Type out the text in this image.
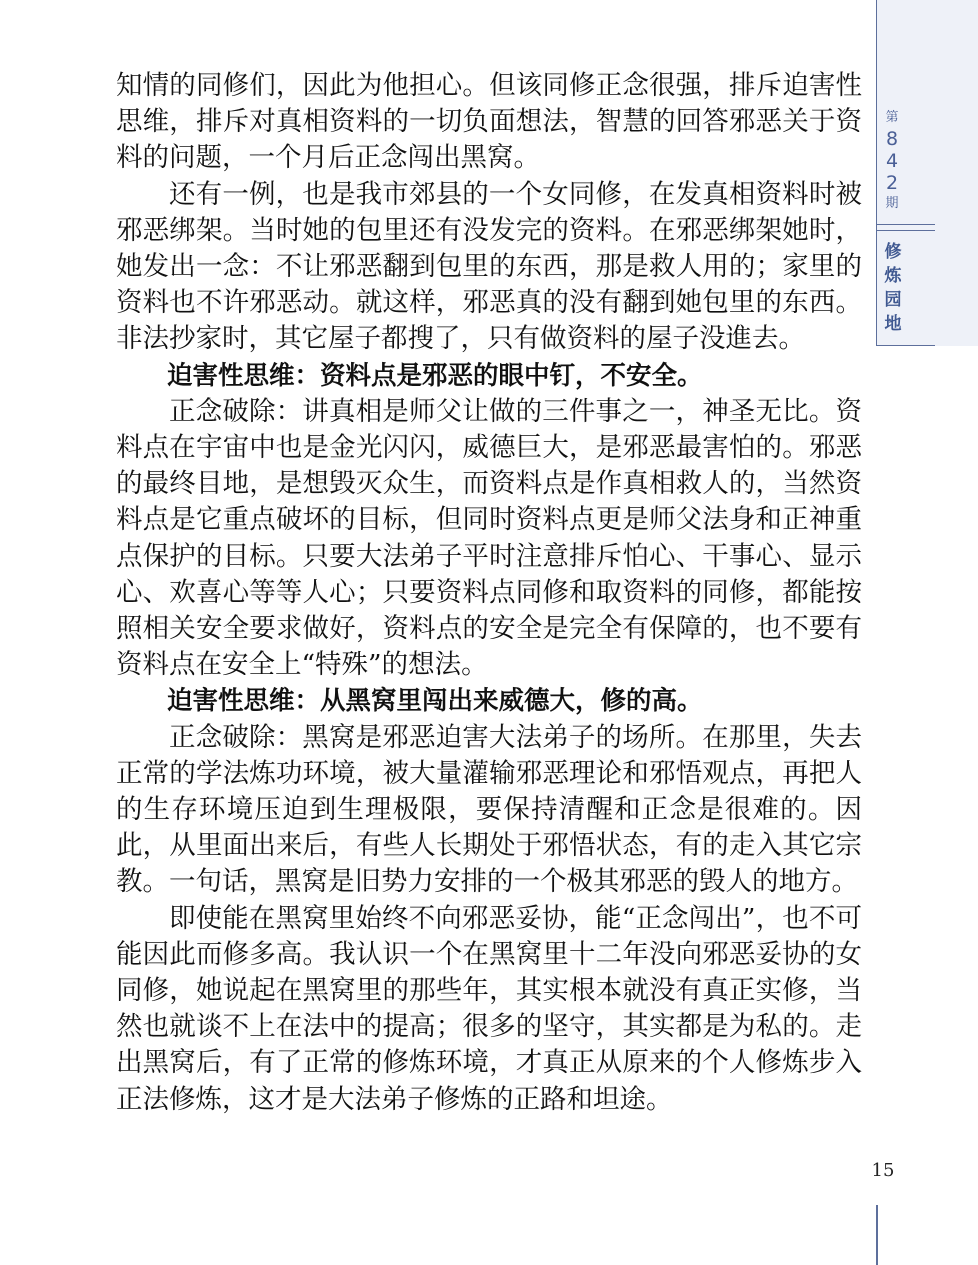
知情的同修们，因此为他担心。但该同修正念很强，排斥迫害性思维，排斥对真相资料的一切负面想法，智慧的回答邪恶关于资料的问题，一个月后正念闯出黑窝。

还有一例，也是我市郊县的一个女同修，在发真相资料时被邪恶绑架。当时她的包里还有没发完的资料。在邪恶绑架她时，她发出一念：不让邪恶翻到包里的东西，那是救人用的；家里的资料也不许邪恶动。就这样，邪恶真的没有翻到她包里的东西。非法抄家时，其它屋子都搜了，只有做资料的屋子没進去。

迫害性思维：资料点是邪恶的眼中钉，不安全。

正念破除：讲真相是师父让做的三件事之一，神圣无比。资料点在宇宙中也是金光闪闪，威德巨大，是邪恶最害怕的。邪恶的最终目地，是想毁灭众生，而资料点是作真相救人的，当然资料点是它重点破坏的目标，但同时资料点更是师父法身和正神重点保护的目标。只要大法弟子平时注意排斥怕心、干事心、显示心、欢喜心等等人心；只要资料点同修和取资料的同修，都能按照相关安全要求做好，资料点的安全是完全有保障的，也不要有资料点在安全上“特殊”的想法。

迫害性思维：从黑窝里闯出来威德大，修的高。

正念破除：黑窝是邪恶迫害大法弟子的场所。在那里，失去正常的学法炼功环境，被大量灌输邪恶理论和邪悟观点，再把人的生存环境压迫到生理极限，要保持清醒和正念是很难的。因此，从里面出来后，有些人长期处于邪悟状态，有的走入其它宗教。一句话，黑窝是旧势力安排的一个极其邪恶的毁人的地方。

即使能在黑窝里始终不向邪恶妥协，能“正念闯出”，也不可能因此而修多高。我认识一个在黑窝里十二年没向邪恶妥协的女同修，她说起在黑窝里的那些年，其实根本就没有真正实修，当然也就谈不上在法中的提高；很多的坚守，其实都是为私的。走出黑窝后，有了正常的修炼环境，才真正从原来的个人修炼步入正法修炼，这才是大法弟子修炼的正路和坦途。

第
8
4
2
期
修炼园地
15
